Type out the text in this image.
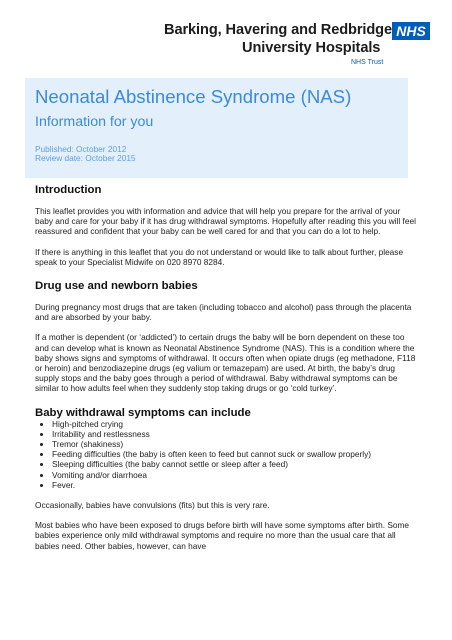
Barking, Havering and Redbridge NHS
University Hospitals
NHS Trust
Neonatal Abstinence Syndrome (NAS)
Information for you
Published: October 2012
Review date: October 2015
Introduction

This leaflet provides you with information and advice that will help you prepare for the arrival of your baby and care for your baby if it has drug withdrawal symptoms. Hopefully after reading this you will feel reassured and confident that your baby can be well cared for and that you can do a lot to help.

If there is anything in this leaflet that you do not understand or would like to talk about further, please speak to your Specialist Midwife on 020 8970 8284.

Drug use and newborn babies

During pregnancy most drugs that are taken (including tobacco and alcohol) pass through the placenta and are absorbed by your baby.

If a mother is dependent (or ‘addicted’) to certain drugs the baby will be born dependent on these too and can develop what is known as Neonatal Abstinence Syndrome (NAS). This is a condition where the baby shows signs and symptoms of withdrawal. It occurs often when opiate drugs (eg methadone, F118 or heroin) and benzodiazepine drugs (eg valium or temazepam) are used. At birth, the baby’s drug supply stops and the baby goes through a period of withdrawal. Baby withdrawal symptoms can be similar to how adults feel when they suddenly stop taking drugs or go ‘cold turkey’.

Baby withdrawal symptoms can include
• High-pitched crying
• Irritability and restlessness
• Tremor (shakiness)
• Feeding difficulties (the baby is often keen to feed but cannot suck or swallow properly)
• Sleeping difficulties (the baby cannot settle or sleep after a feed)
• Vomiting and/or diarrhoea
• Fever.

Occasionally, babies have convulsions (fits) but this is very rare.

Most babies who have been exposed to drugs before birth will have some symptoms after birth. Some babies experience only mild withdrawal symptoms and require no more than the usual care that all babies need. Other babies, however, can have
